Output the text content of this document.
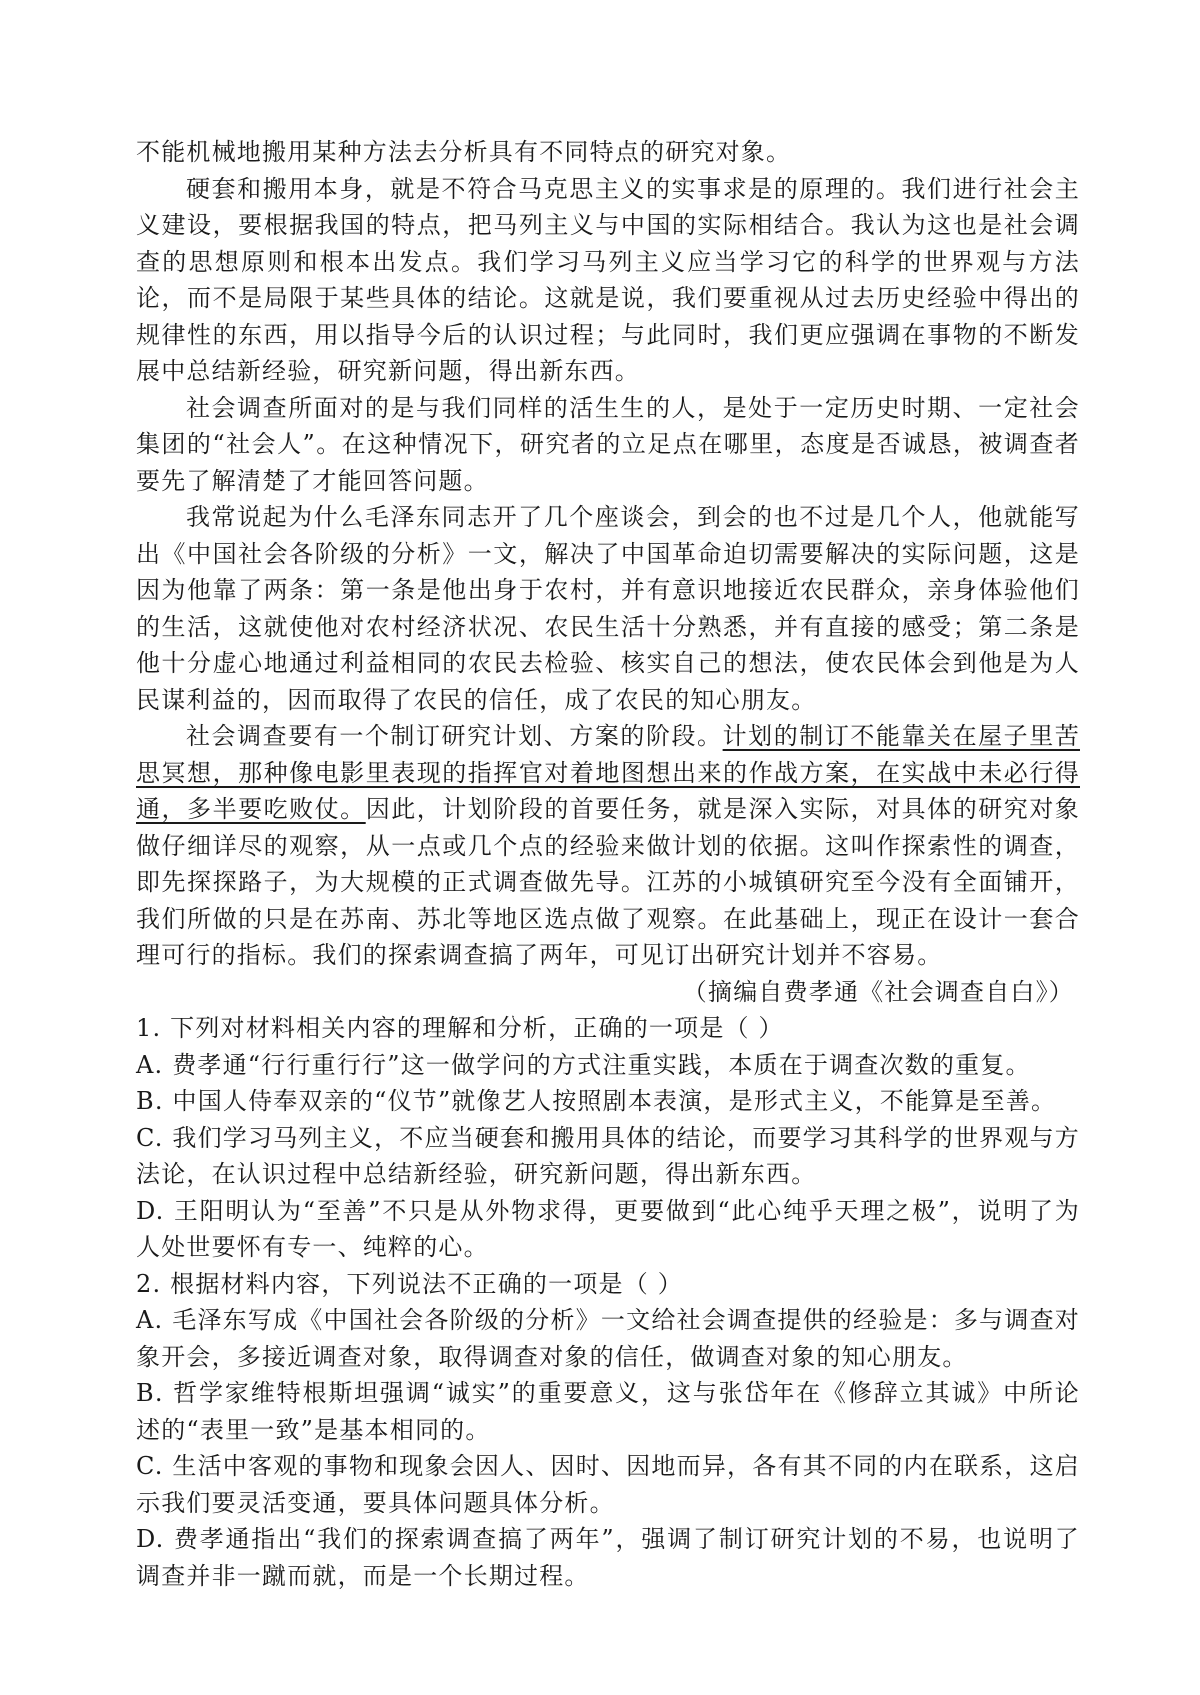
不能机械地搬用某种方法去分析具有不同特点的研究对象。

硬套和搬用本身，就是不符合马克思主义的实事求是的原理的。我们进行社会主义建设，要根据我国的特点，把马列主义与中国的实际相结合。我认为这也是社会调查的思想原则和根本出发点。我们学习马列主义应当学习它的科学的世界观与方法论，而不是局限于某些具体的结论。这就是说，我们要重视从过去历史经验中得出的规律性的东西，用以指导今后的认识过程；与此同时，我们更应强调在事物的不断发展中总结新经验，研究新问题，得出新东西。

社会调查所面对的是与我们同样的活生生的人，是处于一定历史时期、一定社会集团的“社会人”。在这种情况下，研究者的立足点在哪里，态度是否诚恳，被调查者要先了解清楚了才能回答问题。

我常说起为什么毛泽东同志开了几个座谈会，到会的也不过是几个人，他就能写出《中国社会各阶级的分析》一文，解决了中国革命迫切需要解决的实际问题，这是因为他靠了两条：第一条是他出身于农村，并有意识地接近农民群众，亲身体验他们的生活，这就使他对农村经济状况、农民生活十分熟悉，并有直接的感受；第二条是他十分虚心地通过利益相同的农民去检验、核实自己的想法，使农民体会到他是为人民谋利益的，因而取得了农民的信任，成了农民的知心朋友。

社会调查要有一个制订研究计划、方案的阶段。计划的制订不能靠关在屋子里苦思冥想，那种像电影里表现的指挥官对着地图想出来的作战方案，在实战中未必行得通，多半要吃败仗。因此，计划阶段的首要任务，就是深入实际，对具体的研究对象做仔细详尽的观察，从一点或几个点的经验来做计划的依据。这叫作探索性的调查，即先探探路子，为大规模的正式调查做先导。江苏的小城镇研究至今没有全面铺开，我们所做的只是在苏南、苏北等地区选点做了观察。在此基础上，现正在设计一套合理可行的指标。我们的探索调查搞了两年，可见订出研究计划并不容易。

（摘编自费孝通《社会调查自白》）

1. 下列对材料相关内容的理解和分析，正确的一项是（ ）

A. 费孝通“行行重行行”这一做学问的方式注重实践，本质在于调查次数的重复。

B. 中国人侍奉双亲的“仪节”就像艺人按照剧本表演，是形式主义，不能算是至善。

C. 我们学习马列主义，不应当硬套和搬用具体的结论，而要学习其科学的世界观与方法论，在认识过程中总结新经验，研究新问题，得出新东西。

D. 王阳明认为“至善”不只是从外物求得，更要做到“此心纯乎天理之极”，说明了为人处世要怀有专一、纯粹的心。

2. 根据材料内容，下列说法不正确的一项是（ ）

A. 毛泽东写成《中国社会各阶级的分析》一文给社会调查提供的经验是：多与调查对象开会，多接近调查对象，取得调查对象的信任，做调查对象的知心朋友。

B. 哲学家维特根斯坦强调“诚实”的重要意义，这与张岱年在《修辞立其诚》中所论述的“表里一致”是基本相同的。

C. 生活中客观的事物和现象会因人、因时、因地而异，各有其不同的内在联系，这启示我们要灵活变通，要具体问题具体分析。

D. 费孝通指出“我们的探索调查搞了两年”，强调了制订研究计划的不易，也说明了调查并非一蹴而就，而是一个长期过程。
